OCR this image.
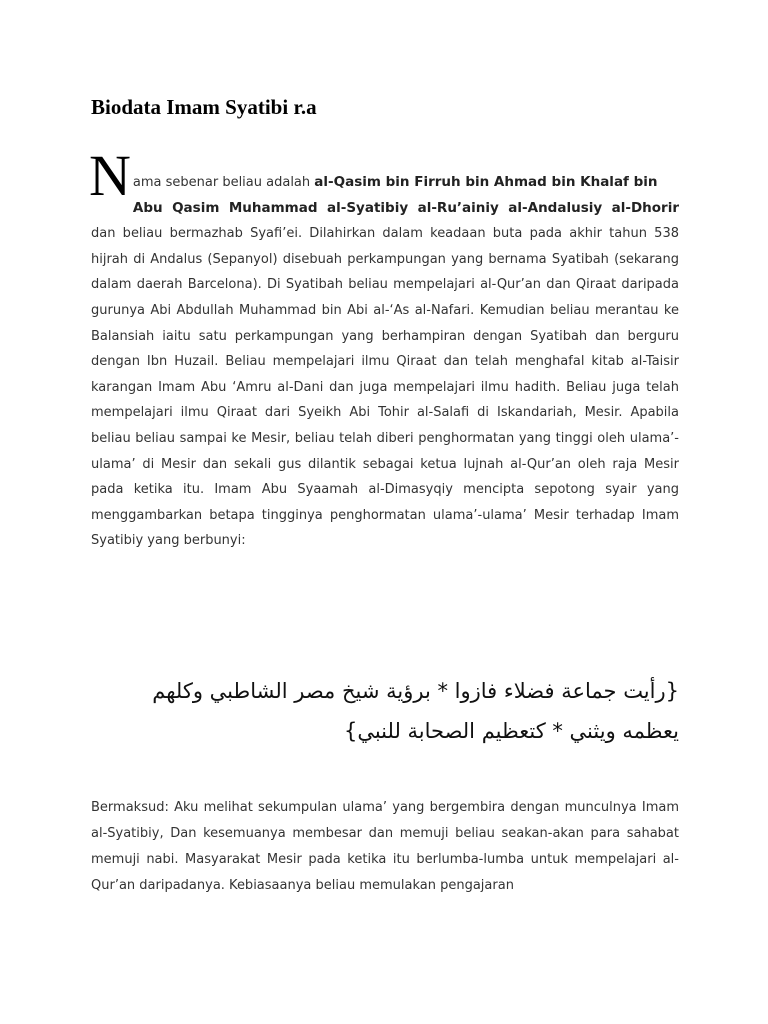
Biodata Imam Syatibi r.a
N ama sebenar beliau adalah al-Qasim bin Firruh bin Ahmad bin Khalaf bin
Abu Qasim Muhammad al-Syatibiy al-Ru’ainiy al-Andalusiy al-Dhorir dan beliau bermazhab Syafi’ei. Dilahirkan dalam keadaan buta pada akhir tahun 538 hijrah di Andalus (Sepanyol) disebuah perkampungan yang bernama Syatibah (sekarang dalam daerah Barcelona). Di Syatibah beliau mempelajari al-Qur’an dan Qiraat daripada gurunya Abi Abdullah Muhammad bin Abi al-‘As al-Nafari. Kemudian beliau merantau ke Balansiah iaitu satu perkampungan yang berhampiran dengan Syatibah dan berguru dengan Ibn Huzail. Beliau mempelajari ilmu Qiraat dan telah menghafal kitab al-Taisir karangan Imam Abu ‘Amru al-Dani dan juga mempelajari ilmu hadith. Beliau juga telah mempelajari ilmu Qiraat dari Syeikh Abi Tohir al-Salafi di Iskandariah, Mesir. Apabila beliau beliau sampai ke Mesir, beliau telah diberi penghormatan yang tinggi oleh ulama’-ulama’ di Mesir dan sekali gus dilantik sebagai ketua lujnah al-Qur’an oleh raja Mesir pada ketika itu. Imam Abu Syaamah al-Dimasyqiy mencipta sepotong syair yang menggambarkan betapa tingginya penghormatan ulama’-ulama’ Mesir terhadap Imam Syatibiy yang berbunyi:
{رأيت جماعة فضلاء فازوا * برؤية شيخ مصر الشاطبي وكلهم يعظمه ويثني * كتعظيم الصحابة للنبي}
Bermaksud: Aku melihat sekumpulan ulama’ yang bergembira dengan munculnya Imam al-Syatibiy, Dan kesemuanya membesar dan memuji beliau seakan-akan para sahabat memuji nabi. Masyarakat Mesir pada ketika itu berlumba-lumba untuk mempelajari al-Qur’an daripadanya. Kebiasaanya beliau memulakan pengajaran
